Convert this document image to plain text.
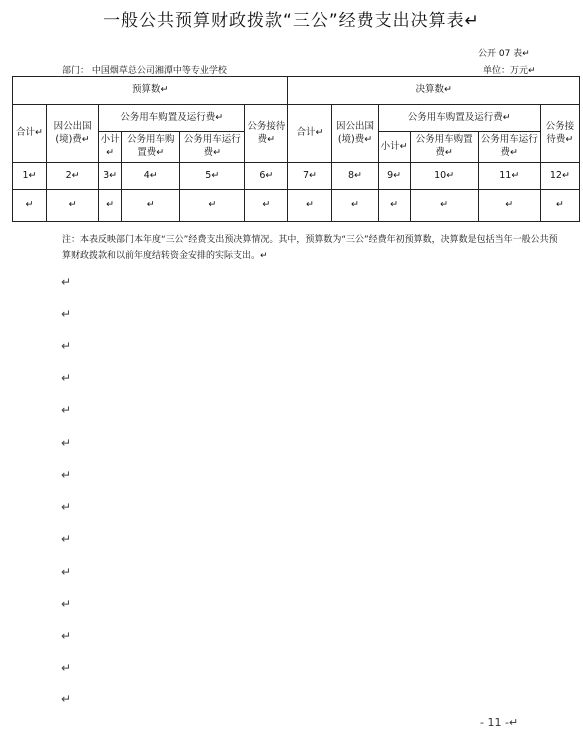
一般公共预算财政拨款“三公”经费支出决算表↵
公开 07 表↵
部门： 中国烟草总公司湘潭中等专业学校	单位：万元↵
预算数↵						决算数↵					
合计↵	因公出国(境)费↵	公务用车购置及运行费↵			公务接待费↵	合计↵	因公出国(境)费↵	公务用车购置及运行费↵			公务接待费↵
		小计↵	公务用车购置费↵	公务用车运行费↵				小计↵	公务用车购置费↵	公务用车运行费↵	
1↵	2↵	3↵	4↵	5↵	6↵	7↵	8↵	9↵	10↵	11↵	12↵
↵	↵	↵	↵	↵	↵	↵	↵	↵	↵	↵	↵
注：本表反映部门本年度“三公”经费支出预决算情况。其中，预算数为“三公”经费年初预算数，决算数是包括当年一般公共预算财政拨款和以前年度结转资金安排的实际支出。↵
↵
↵
↵
↵
↵
↵
↵
↵
↵
↵
↵
↵
↵
↵
- 11 -↵
